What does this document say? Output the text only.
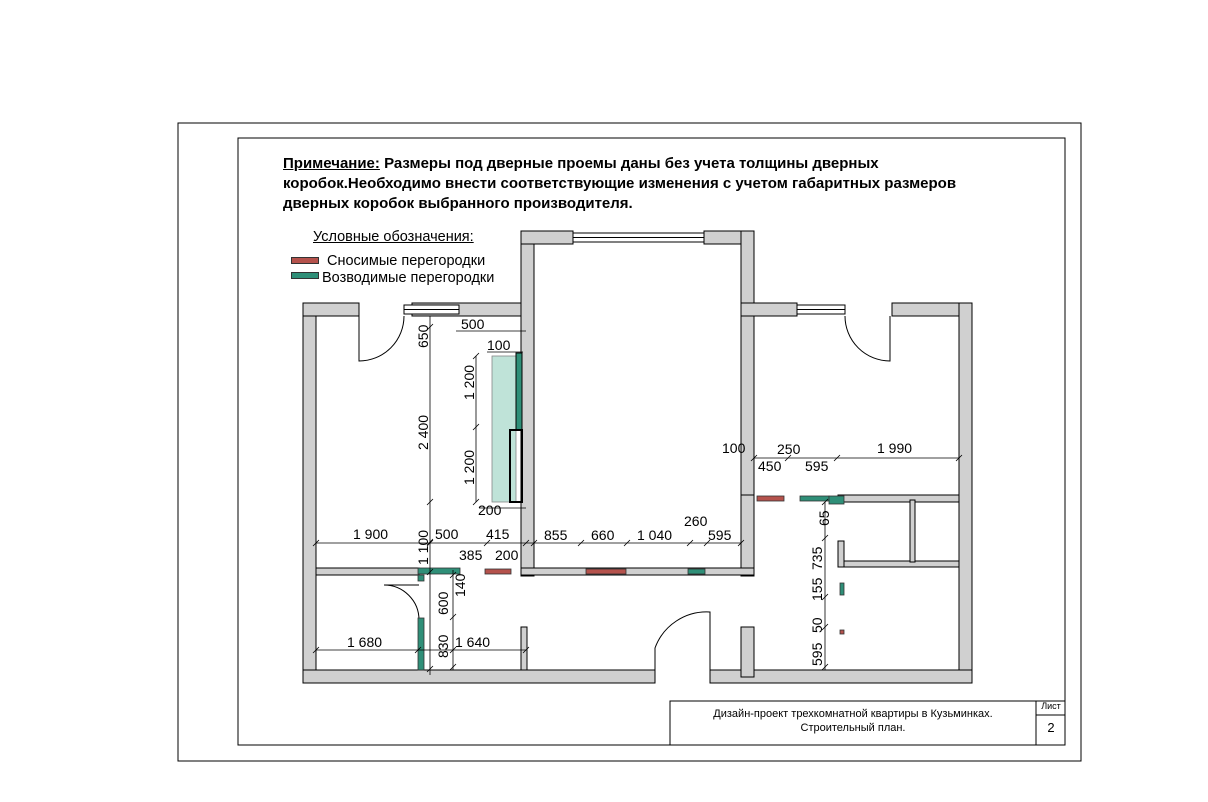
500
650	100
2 400
1 200
1 200
200
100 250	1 990
450 595
1 900	500 415 855 660 1 040
260
595
1 100 385 200
65
600
140	155
735
1 680	830 1 640
50
595
Примечание: Размеры под дверные проемы даны без учета толщины дверных коробок.Необходимо внести соответствующие изменения с учетом габаритных размеров дверных коробок выбранного производителя.
Условные обозначения:
Сносимые перегородки
Возводимые перегородки
Дизайн-проект трехкомнатной квартиры в Кузьминках.
Строительный план.
Лист
2
